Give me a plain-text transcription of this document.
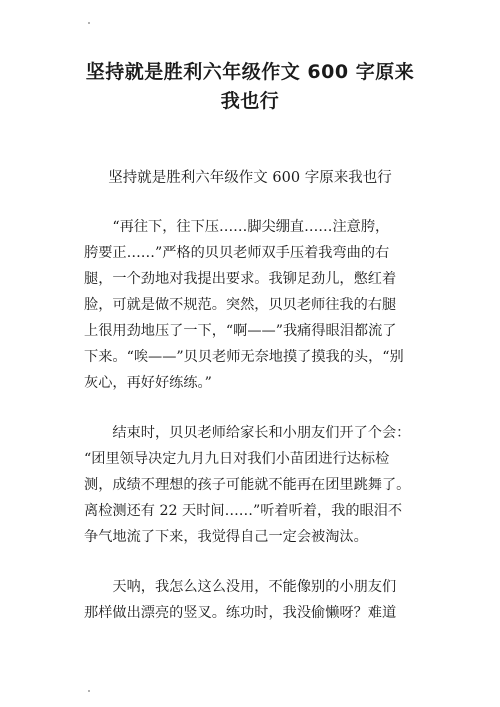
坚持就是胜利六年级作文 600 字原来
我也行
坚持就是胜利六年级作文 600 字原来我也行

“再往下，往下压……脚尖绷直……注意胯，
胯要正……”严格的贝贝老师双手压着我弯曲的右
腿，一个劲地对我提出要求。我铆足劲儿，憋红着
脸，可就是做不规范。突然，贝贝老师往我的右腿
上很用劲地压了一下，“啊——”我痛得眼泪都流了
下来。“唉——”贝贝老师无奈地摸了摸我的头，“别
灰心，再好好练练。”

结束时，贝贝老师给家长和小朋友们开了个会：
“团里领导决定九月九日对我们小苗团进行达标检
测，成绩不理想的孩子可能就不能再在团里跳舞了。
离检测还有 22 天时间……”听着听着，我的眼泪不
争气地流了下来，我觉得自己一定会被淘汰。

天呐，我怎么这么没用，不能像别的小朋友们
那样做出漂亮的竖叉。练功时，我没偷懒呀？难道
